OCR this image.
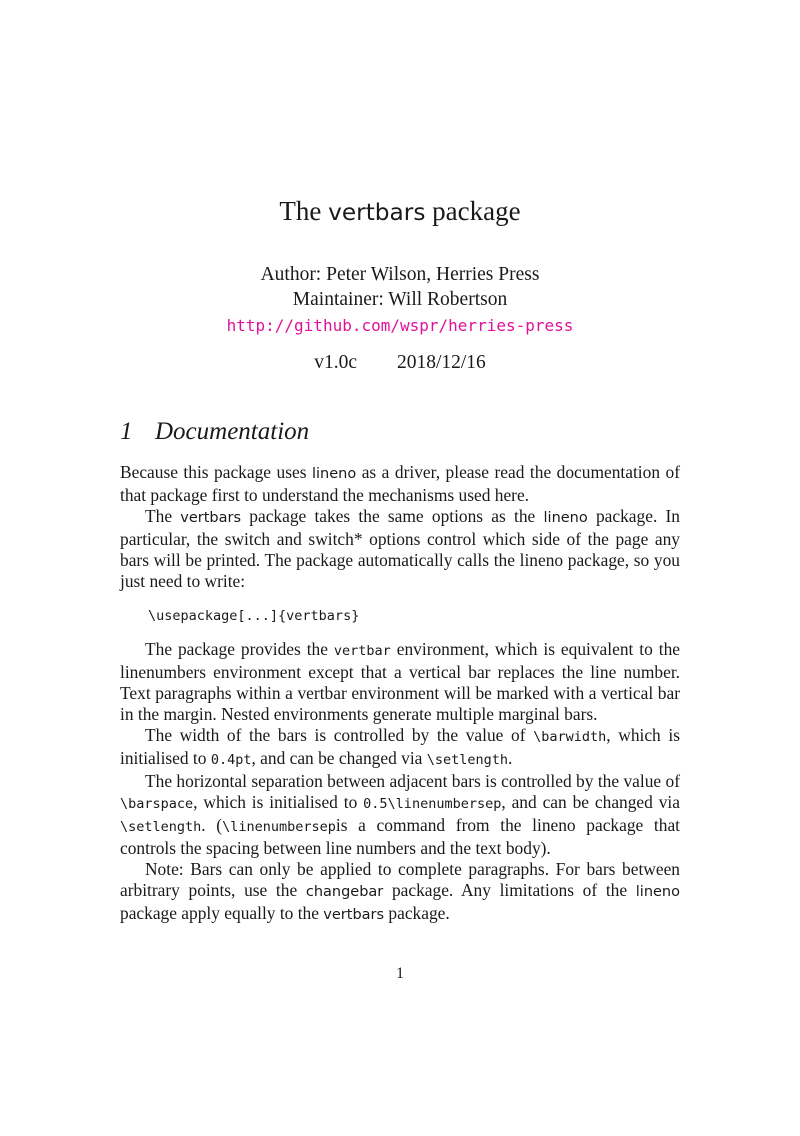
The vertbars package
Author: Peter Wilson, Herries Press
Maintainer: Will Robertson
http://github.com/wspr/herries-press
v1.0c 2018/12/16
1 Documentation

Because this package uses lineno as a driver, please read the documentation of that package first to understand the mechanisms used here.

The vertbars package takes the same options as the lineno package. In particular, the switch and switch* options control which side of the page any bars will be printed. The package automatically calls the lineno package, so you just need to write:

\usepackage[...]{vertbars}

The package provides the vertbar environment, which is equivalent to the linenumbers environment except that a vertical bar replaces the line number. Text paragraphs within a vertbar environment will be marked with a vertical bar in the margin. Nested environments generate multiple marginal bars.

The width of the bars is controlled by the value of \barwidth, which is initialised to 0.4pt, and can be changed via \setlength.

The horizontal separation between adjacent bars is controlled by the value of \barspace, which is initialised to 0.5\linenumbersep, and can be changed via \setlength. (\linenumbersepis a command from the lineno package that controls the spacing between line numbers and the text body).

Note: Bars can only be applied to complete paragraphs. For bars between arbitrary points, use the changebar package. Any limitations of the lineno package apply equally to the vertbars package.

1
